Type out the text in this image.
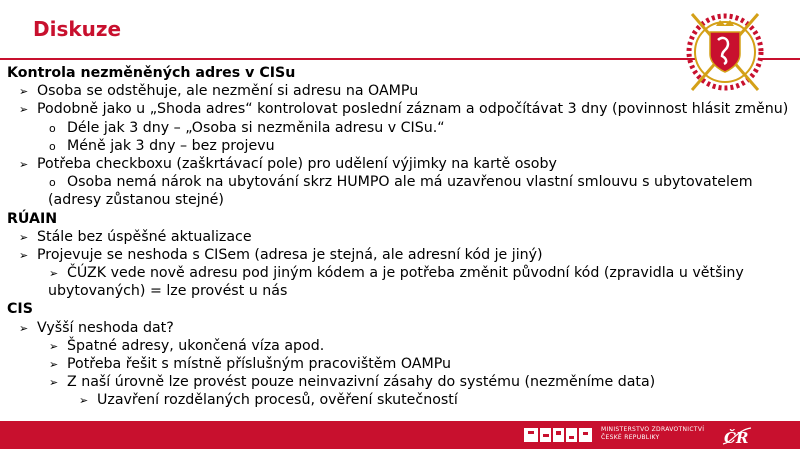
Diskuze
Kontrola nezměněných adres v CISu
➢ Osoba se odstěhuje, ale nezmění si adresu na OAMPu
➢ Podobně jako u „Shoda adres“ kontrolovat poslední záznam a odpočítávat 3 dny (povinnost hlásit změnu)
o Déle jak 3 dny – „Osoba si nezměnila adresu v CISu.“
o Méně jak 3 dny – bez projevu
➢ Potřeba checkboxu (zaškrtávací pole) pro udělení výjimky na kartě osoby
o Osoba nemá nárok na ubytování skrz HUMPO ale má uzavřenou vlastní smlouvu s ubytovatelem
(adresy zůstanou stejné)
RÚAIN
➢ Stále bez úspěšné aktualizace
➢ Projevuje se neshoda s CISem (adresa je stejná, ale adresní kód je jiný)
➢ ČÚZK vede nově adresu pod jiným kódem a je potřeba změnit původní kód (zpravidla u většiny
ubytovaných) = lze provést u nás
CIS
➢ Vyšší neshoda dat?
➢ Špatné adresy, ukončená víza apod.
➢ Potřeba řešit s místně příslušným pracovištěm OAMPu
➢ Z naší úrovně lze provést pouze neinvazivní zásahy do systému (nezměníme data)
➢ Uzavření rozdělaných procesů, ověření skutečností
MINISTERSTVO ZDRAVOTNICTVÍ
ČESKÉ REPUBLIKY	ČR
